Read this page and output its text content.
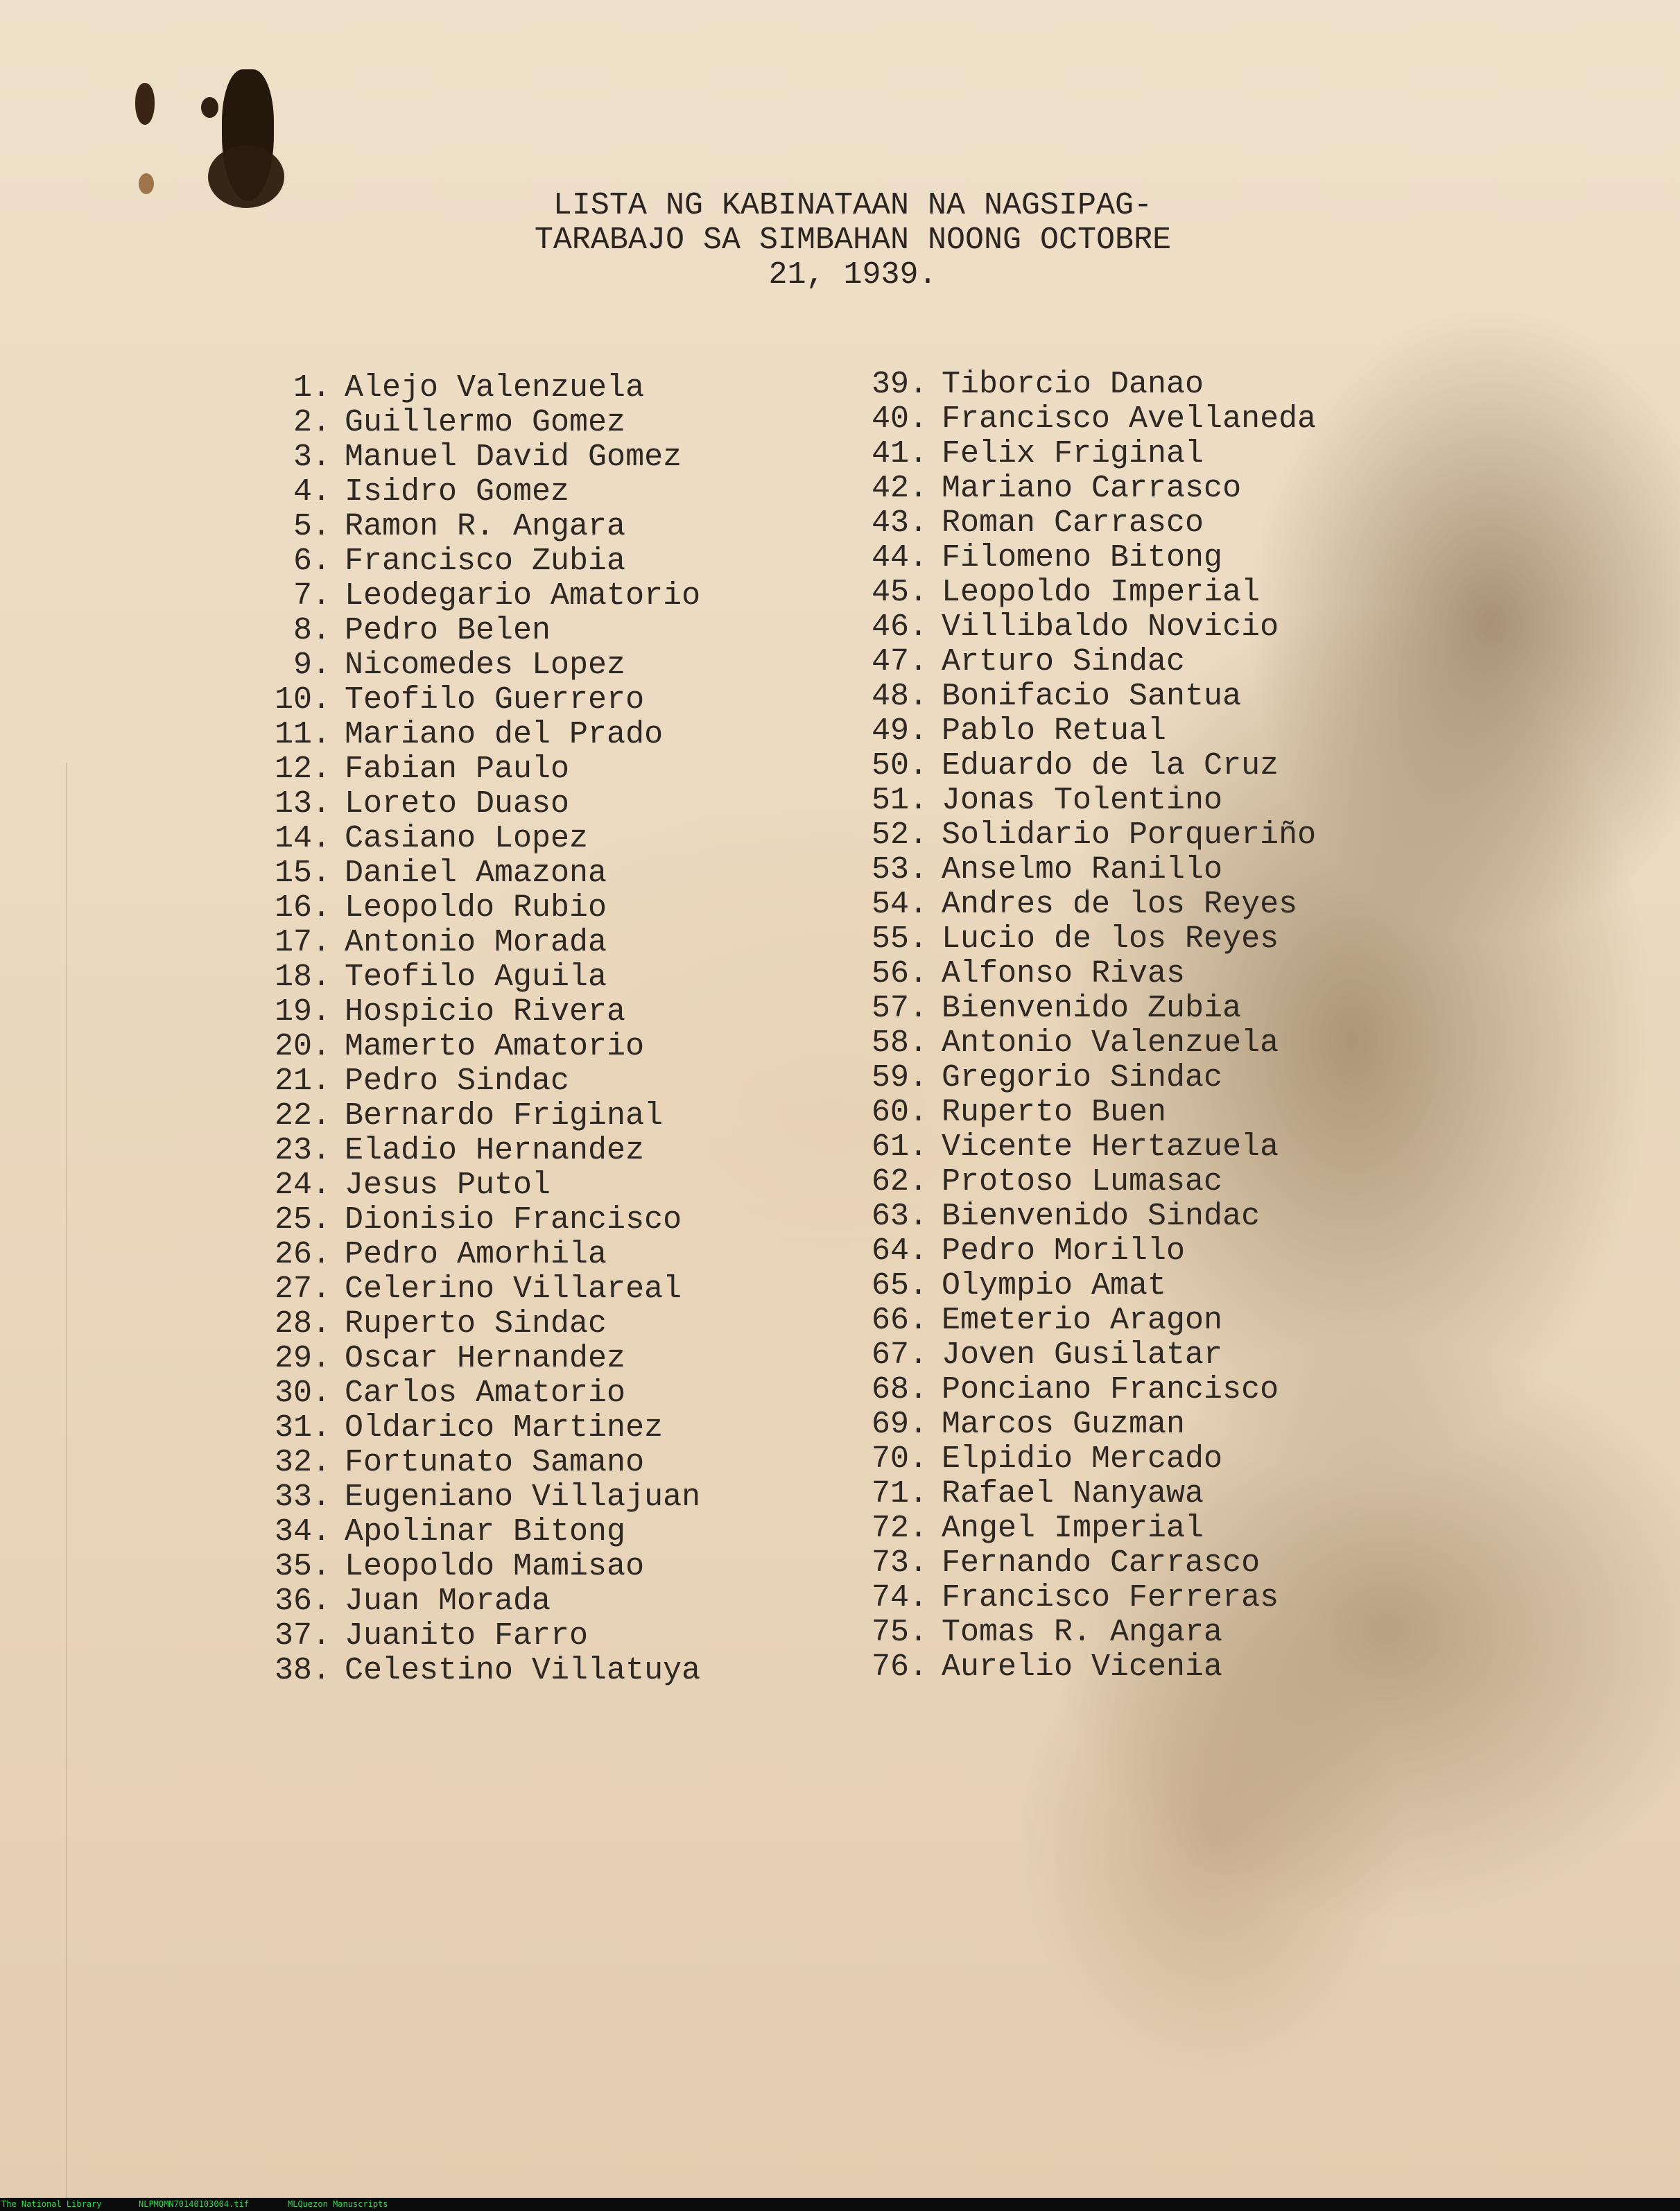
LISTA NG KABINATAAN NA NAGSIPAG-
TARABAJO SA SIMBAHAN NOONG OCTOBRE
21, 1939.
1. Alejo Valenzuela
2. Guillermo Gomez
3. Manuel David Gomez
4. Isidro Gomez
5. Ramon R. Angara
6. Francisco Zubia
7. Leodegario Amatorio
8. Pedro Belen
9. Nicomedes Lopez
10. Teofilo Guerrero
11. Mariano del Prado
12. Fabian Paulo
13. Loreto Duaso
14. Casiano Lopez
15. Daniel Amazona
16. Leopoldo Rubio
17. Antonio Morada
18. Teofilo Aguila
19. Hospicio Rivera
20. Mamerto Amatorio
21. Pedro Sindac
22. Bernardo Friginal
23. Eladio Hernandez
24. Jesus Putol
25. Dionisio Francisco
26. Pedro Amorhila
27. Celerino Villareal
28. Ruperto Sindac
29. Oscar Hernandez
30. Carlos Amatorio
31. Oldarico Martinez
32. Fortunato Samano
33. Eugeniano Villajuan
34. Apolinar Bitong
35. Leopoldo Mamisao
36. Juan Morada
37. Juanito Farro
38. Celestino Villatuya
39. Tiborcio Danao
40. Francisco Avellaneda
41. Felix Friginal
42. Mariano Carrasco
43. Roman Carrasco
44. Filomeno Bitong
45. Leopoldo Imperial
46. Villibaldo Novicio
47. Arturo Sindac
48. Bonifacio Santua
49. Pablo Retual
50. Eduardo de la Cruz
51. Jonas Tolentino
52. Solidario Porqueriño
53. Anselmo Ranillo
54. Andres de los Reyes
55. Lucio de los Reyes
56. Alfonso Rivas
57. Bienvenido Zubia
58. Antonio Valenzuela
59. Gregorio Sindac
60. Ruperto Buen
61. Vicente Hertazuela
62. Protoso Lumasac
63. Bienvenido Sindac
64. Pedro Morillo
65. Olympio Amat
66. Emeterio Aragon
67. Joven Gusilatar
68. Ponciano Francisco
69. Marcos Guzman
70. Elpidio Mercado
71. Rafael Nanyawa
72. Angel Imperial
73. Fernando Carrasco
74. Francisco Ferreras
75. Tomas R. Angara
76. Aurelio Vicenia
The National Library	NLPMQMN70140103004.tif	MLQuezon Manuscripts
